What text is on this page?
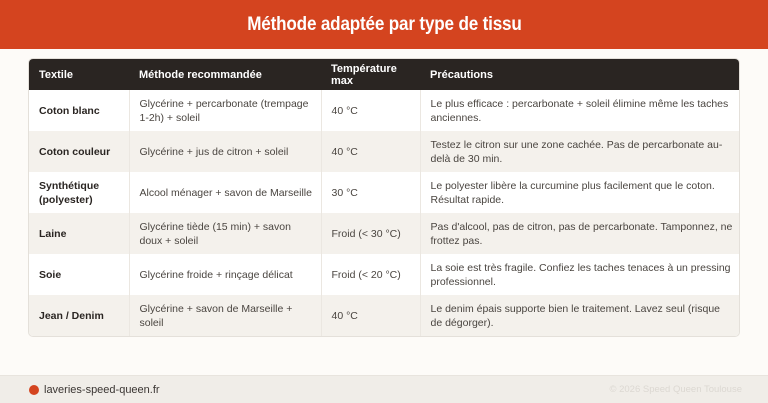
Méthode adaptée par type de tissu
Textile	Méthode recommandée	Température max	Précautions
Coton blanc	Glycérine + percarbonate (trempage 1-2h) + soleil	40 °C	Le plus efficace : percarbonate + soleil élimine même les taches anciennes.
Coton couleur	Glycérine + jus de citron + soleil	40 °C	Testez le citron sur une zone cachée. Pas de percarbonate au-delà de 30 min.
Synthétique (polyester)	Alcool ménager + savon de Marseille	30 °C	Le polyester libère la curcumine plus facilement que le coton. Résultat rapide.
Laine	Glycérine tiède (15 min) + savon doux + soleil	Froid (< 30 °C)	Pas d'alcool, pas de citron, pas de percarbonate. Tamponnez, ne frottez pas.
Soie	Glycérine froide + rinçage délicat	Froid (< 20 °C)	La soie est très fragile. Confiez les taches tenaces à un pressing professionnel.
Jean / Denim	Glycérine + savon de Marseille + soleil	40 °C	Le denim épais supporte bien le traitement. Lavez seul (risque de dégorger).
laveries-speed-queen.fr	© 2026 Speed Queen Toulouse
